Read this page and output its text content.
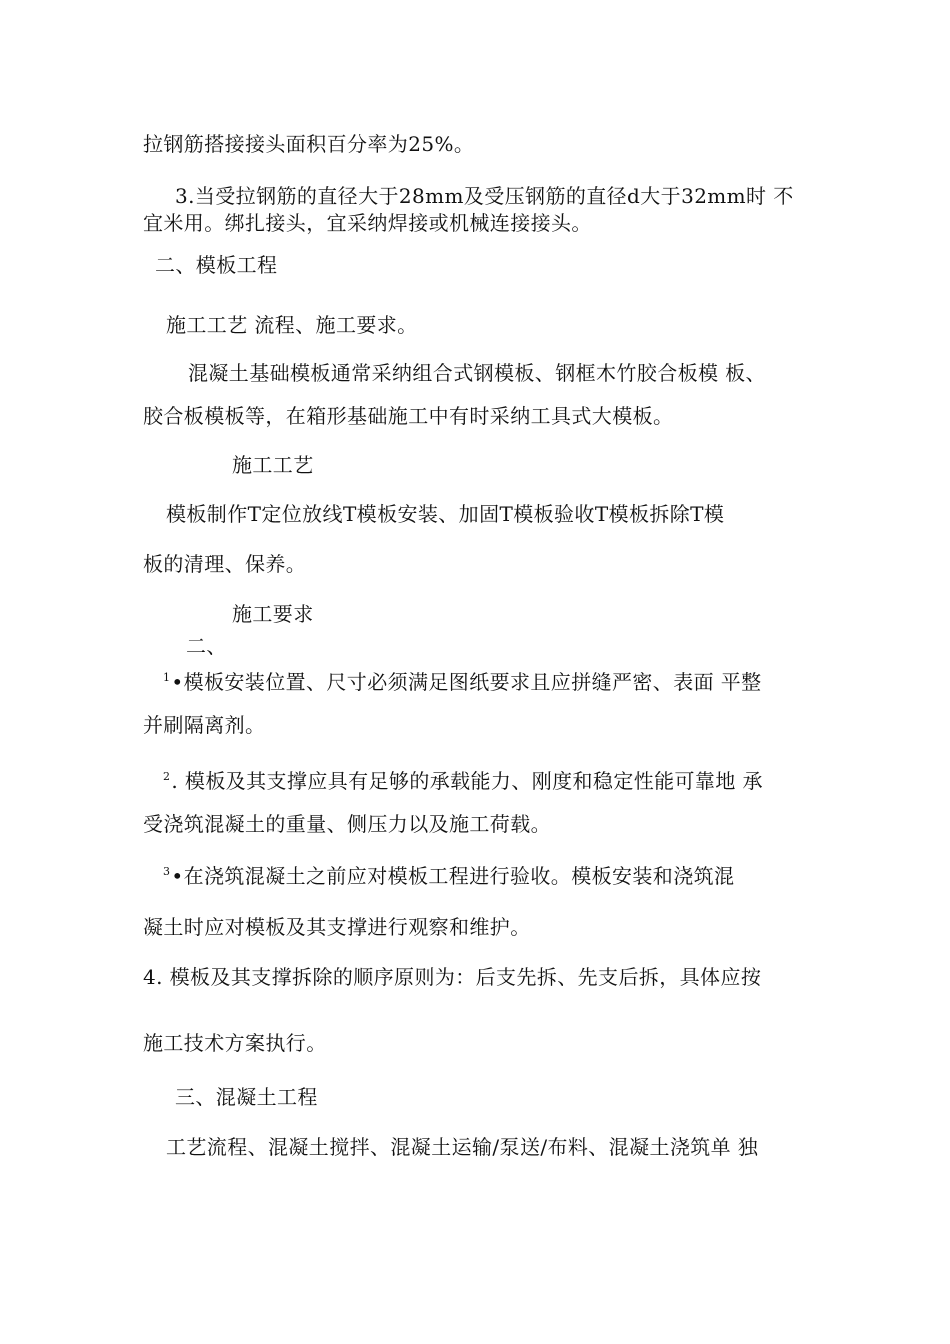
拉钢筋搭接接头面积百分率为25%。
3.当受拉钢筋的直径大于28mm及受压钢筋的直径d大于32mm时 不
宜米用。绑扎接头，宜采纳焊接或机械连接接头。
二、模板工程
施工工艺 流程、施工要求。
混凝土基础模板通常采纳组合式钢模板、钢框木竹胶合板模 板、
胶合板模板等，在箱形基础施工中有时采纳工具式大模板。
施工工艺
模板制作T定位放线T模板安装、加固T模板验收T模板拆除T模
板的清理、保养。
施工要求
二、
$^1$•模板安装位置、尺寸必须满足图纸要求且应拼缝严密、表面 平整
并刷隔离剂。
$^2$. 模板及其支撑应具有足够的承载能力、刚度和稳定性能可靠地 承
受浇筑混凝土的重量、侧压力以及施工荷载。
$^3$•在浇筑混凝土之前应对模板工程进行验收。模板安装和浇筑混
凝土时应对模板及其支撑进行观察和维护。
4. 模板及其支撑拆除的顺序原则为：后支先拆、先支后拆，具体应按
施工技术方案执行。
三、混凝土工程
工艺流程、混凝土搅拌、混凝土运输/泵送/布料、混凝土浇筑单 独
